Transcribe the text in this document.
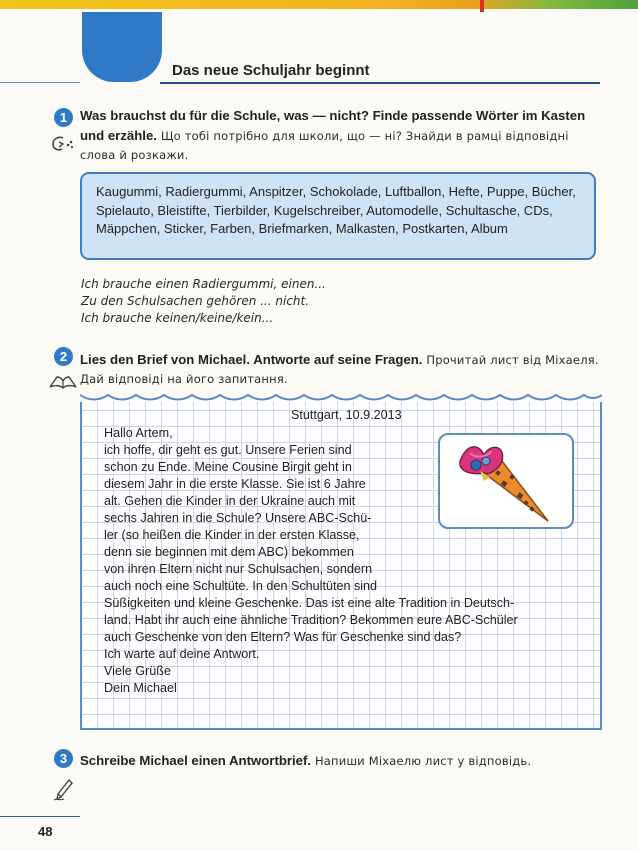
Das neue Schuljahr beginnt
1 Was brauchst du für die Schule, was — nicht? Finde passende Wörter im Kasten und erzähle. Що тобі потрібно для школи, що — ні? Знайди в рамці відповідні слова й розкажи.
Kaugummi, Radiergummi, Anspitzer, Schokolade, Luftballon, Hefte, Puppe, Bücher, Spielauto, Bleistifte, Tierbilder, Kugelschreiber, Automodelle, Schultasche, CDs, Mäppchen, Sticker, Farben, Briefmarken, Malkasten, Postkarten, Album
Ich brauche einen Radiergummi, einen...
Zu den Schulsachen gehören ... nicht.
Ich brauche keinen/keine/kein...
2 Lies den Brief von Michael. Antworte auf seine Fragen. Прочитай лист від Міхаеля. Дай відповіді на його запитання.
Stuttgart, 10.9.2013
Hallo Artem,
ich hoffe, dir geht es gut. Unsere Ferien sind
schon zu Ende. Meine Cousine Birgit geht in
diesem Jahr in die erste Klasse. Sie ist 6 Jahre
alt. Gehen die Kinder in der Ukraine auch mit
sechs Jahren in die Schule? Unsere ABC-Schü-
ler (so heißen die Kinder in der ersten Klasse,
denn sie beginnen mit dem ABC) bekommen
von ihren Eltern nicht nur Schulsachen, sondern
auch noch eine Schultüte. In den Schultüten sind
Süßigkeiten und kleine Geschenke. Das ist eine alte Tradition in Deutsch-
land. Habt ihr auch eine ähnliche Tradition? Bekommen eure ABC-Schüler
auch Geschenke von den Eltern? Was für Geschenke sind das?
Ich warte auf deine Antwort.
Viele Grüße
Dein Michael
3 Schreibe Michael einen Antwortbrief. Напиши Міхаелю лист у відповідь.
48
